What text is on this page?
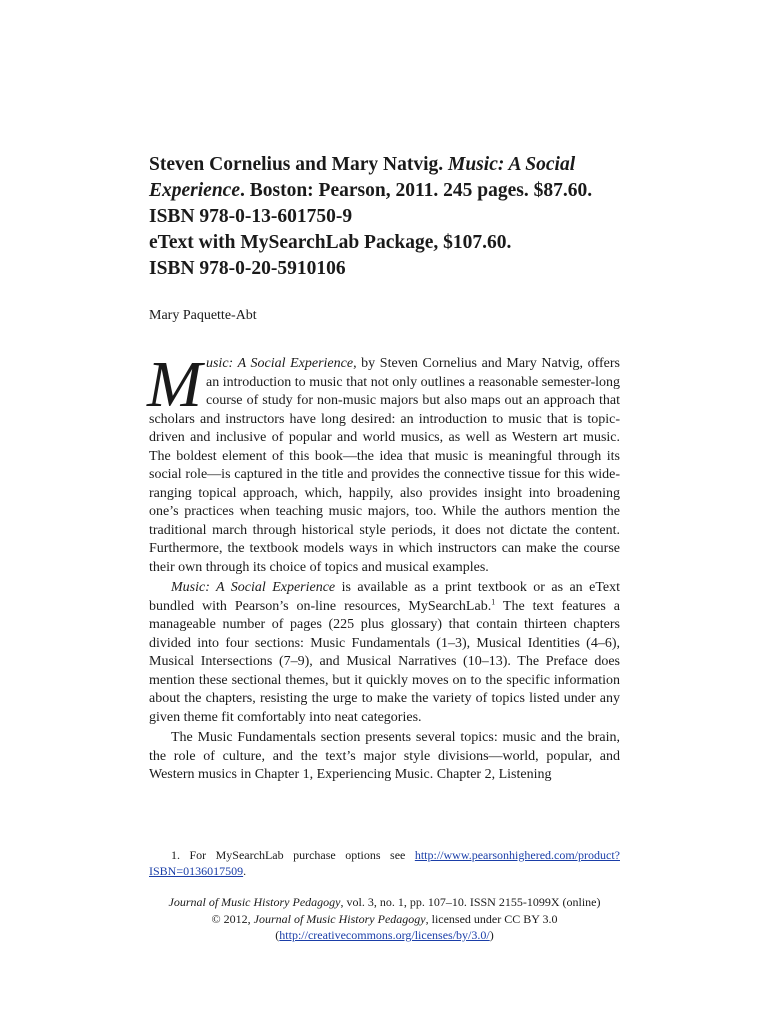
Steven Cornelius and Mary Natvig. Music: A Social
Experience. Boston: Pearson, 2011. 245 pages. $87.60.
ISBN 978-0-13-601750-9
eText with MySearchLab Package, $107.60.
ISBN 978-0-20-5910106
Mary Paquette-Abt

Music: A Social Experience, by Steven Cornelius and Mary Natvig, offers an introduction to music that not only outlines a reasonable semester-long course of study for non-music majors but also maps out an approach that scholars and instructors have long desired: an introduction to music that is topic-driven and inclusive of popular and world musics, as well as Western art music. The boldest element of this book—the idea that music is meaningful through its social role—is captured in the title and provides the connective tissue for this wide-ranging topical approach, which, happily, also provides insight into broadening one’s practices when teaching music majors, too. While the authors mention the traditional march through historical style periods, it does not dictate the content. Furthermore, the textbook models ways in which instructors can make the course their own through its choice of topics and musical examples.

Music: A Social Experience is available as a print textbook or as an eText bundled with Pearson’s on-line resources, MySearchLab.$^1$ The text features a manageable number of pages (225 plus glossary) that contain thirteen chapters divided into four sections: Music Fundamentals (1–3), Musical Identities (4–6), Musical Intersections (7–9), and Musical Narratives (10–13). The Preface does mention these sectional themes, but it quickly moves on to the specific information about the chapters, resisting the urge to make the variety of topics listed under any given theme fit comfortably into neat categories.

The Music Fundamentals section presents several topics: music and the brain, the role of culture, and the text’s major style divisions—world, popular, and Western musics in Chapter 1, Experiencing Music. Chapter 2, Listening

1. For MySearchLab purchase options see http://www.pearsonhighered.com/product?
ISBN=0136017509.
Journal of Music History Pedagogy, vol. 3, no. 1, pp. 107–10. ISSN 2155-1099X (online)
© 2012, Journal of Music History Pedagogy, licensed under CC BY 3.0
(http://creativecommons.org/licenses/by/3.0/)
